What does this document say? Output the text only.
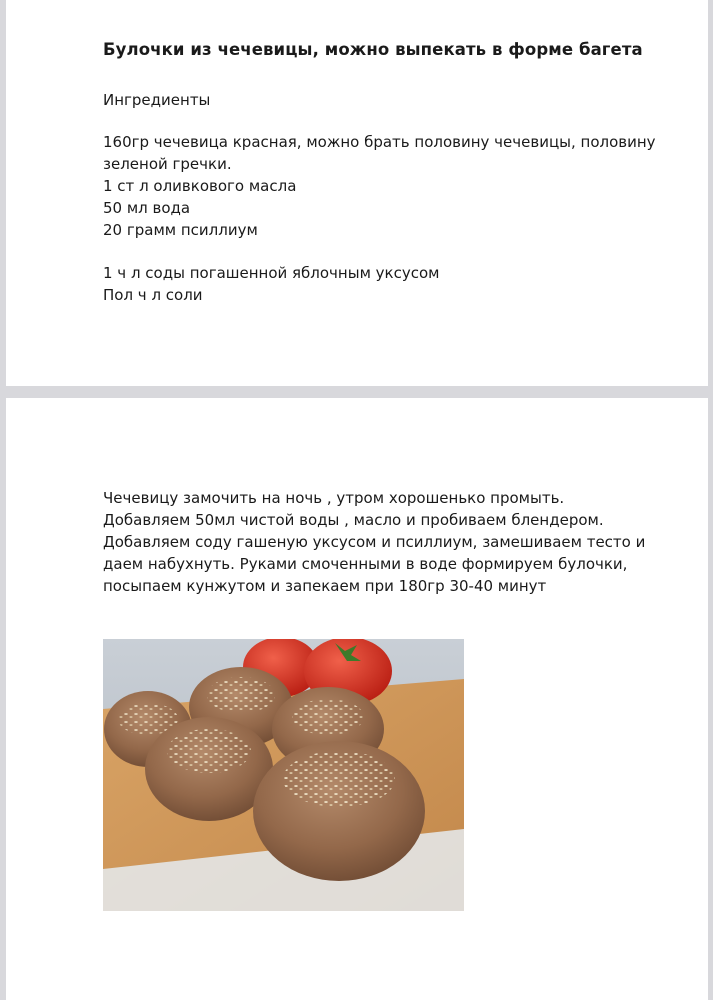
Булочки из чечевицы, можно выпекать в форме багета
Ингредиенты
160гр чечевица красная, можно брать половину чечевицы, половину
зеленой гречки.
1 ст л оливкового масла
50 мл вода
20 грамм псиллиум
1 ч л соды погашенной яблочным уксусом
Пол ч л соли
Чечевицу замочить на ночь , утром хорошенько промыть.
Добавляем 50мл чистой воды , масло и пробиваем блендером.
Добавляем соду гашеную уксусом и псиллиум, замешиваем тесто и
даем набухнуть. Руками смоченными в воде формируем булочки,
посыпаем кунжутом и запекаем при 180гр 30-40 минут
